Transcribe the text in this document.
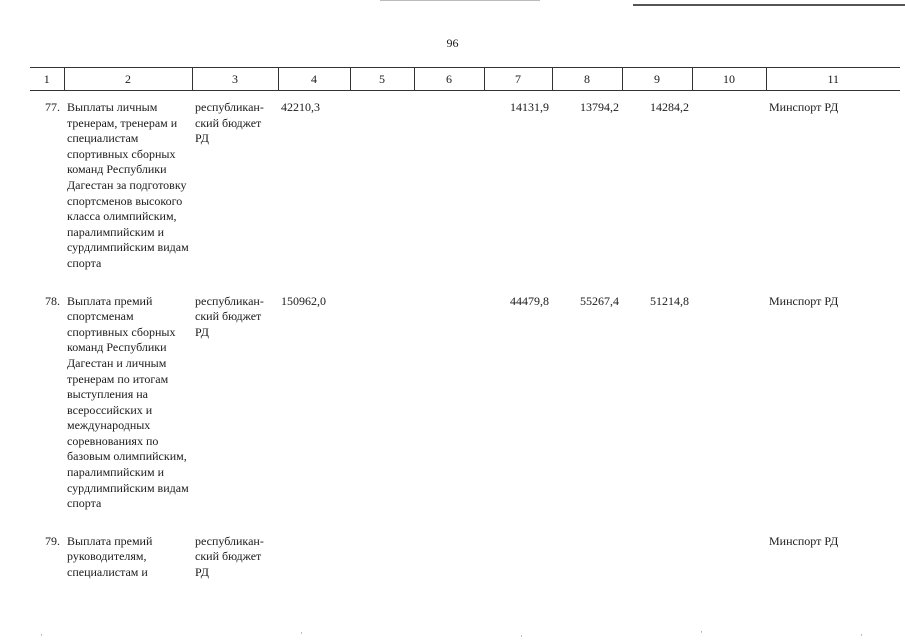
96
1	2	3	4	5	6	7	8	9	10	11
77.	Выплаты личным тренерам, тренерам и специалистам спортивных сборных команд Республики Дагестан за подготовку спортсменов высокого класса олимпийским, паралимпийским и сурдлимпийским видам спорта	республикан-ский бюджет РД	42210,3			14131,9	13794,2	14284,2		Минспорт РД
78.	Выплата премий спортсменам спортивных сборных команд Республики Дагестан и личным тренерам по итогам выступления на всероссийских и международных соревнованиях по базовым олимпийским, паралимпийским и сурдлимпийским видам спорта	республикан-ский бюджет РД	150962,0			44479,8	55267,4	51214,8		Минспорт РД
79.	Выплата премий руководителям, специалистам и	республикан-ский бюджет РД								Минспорт РД
·	·	·	·	·
